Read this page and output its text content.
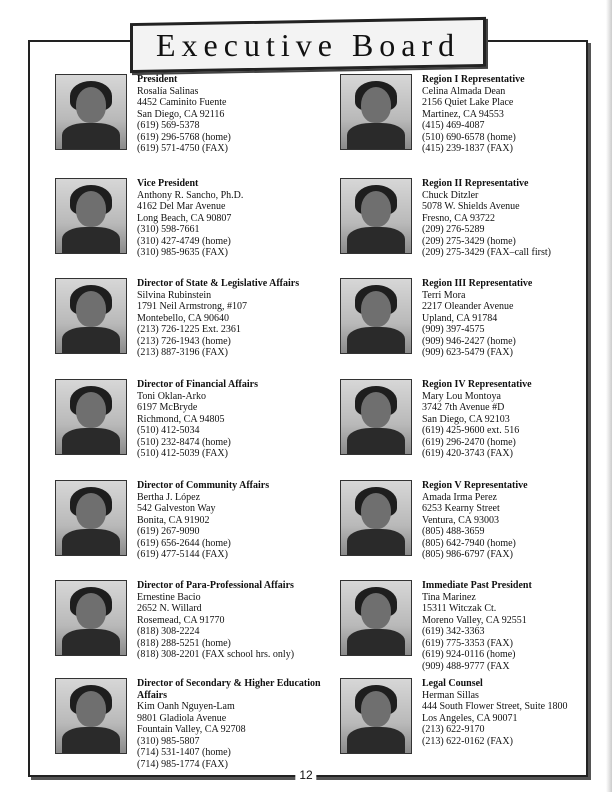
Executive Board
President
Rosalía Salinas
4452 Caminito Fuente
San Diego, CA 92116
(619) 569-5378
(619) 296-5768 (home)
(619) 571-4750 (FAX)
Vice President
Anthony R. Sancho, Ph.D.
4162 Del Mar Avenue
Long Beach, CA 90807
(310) 598-7661
(310) 427-4749 (home)
(310) 985-9635 (FAX)
Director of State & Legislative Affairs
Silvina Rubinstein
1791 Neil Armstrong, #107
Montebello, CA 90640
(213) 726-1225 Ext. 2361
(213) 726-1943 (home)
(213) 887-3196 (FAX)
Director of Financial Affairs
Toni Oklan-Arko
6197 McBryde
Richmond, CA 94805
(510) 412-5034
(510) 232-8474 (home)
(510) 412-5039 (FAX)
Director of Community Affairs
Bertha J. López
542 Galveston Way
Bonita, CA 91902
(619) 267-9090
(619) 656-2644 (home)
(619) 477-5144 (FAX)
Director of Para-Professional Affairs
Ernestine Bacio
2652 N. Willard
Rosemead, CA 91770
(818) 308-2224
(818) 288-5251 (home)
(818) 308-2201 (FAX school hrs. only)
Director of Secondary & Higher Education Affairs
Kim Oanh Nguyen-Lam
9801 Gladiola Avenue
Fountain Valley, CA 92708
(310) 985-5807
(714) 531-1407 (home)
(714) 985-1774 (FAX)
Region I Representative
Celina Almada Dean
2156 Quiet Lake Place
Martinez, CA 94553
(415) 469-4087
(510) 690-6578 (home)
(415) 239-1837 (FAX)
Region II Representative
Chuck Ditzler
5078 W. Shields Avenue
Fresno, CA 93722
(209) 276-5289
(209) 275-3429 (home)
(209) 275-3429 (FAX–call first)
Region III Representative
Terri Mora
2217 Oleander Avenue
Upland, CA 91784
(909) 397-4575
(909) 946-2427 (home)
(909) 623-5479 (FAX)
Region IV Representative
Mary Lou Montoya
3742 7th Avenue #D
San Diego, CA 92103
(619) 425-9600 ext. 516
(619) 296-2470 (home)
(619) 420-3743 (FAX)
Region V Representative
Amada Irma Perez
6253 Kearny Street
Ventura, CA 93003
(805) 488-3659
(805) 642-7940 (home)
(805) 986-6797 (FAX)
Immediate Past President
Tina Marinez
15311 Witczak Ct.
Moreno Valley, CA 92551
(619) 342-3363
(619) 775-3353 (FAX)
(619) 924-0116 (home)
(909) 488-9777 (FAX
Legal Counsel
Herman Sillas
444 South Flower Street, Suite 1800
Los Angeles, CA 90071
(213) 622-9170
(213) 622-0162 (FAX)
12
